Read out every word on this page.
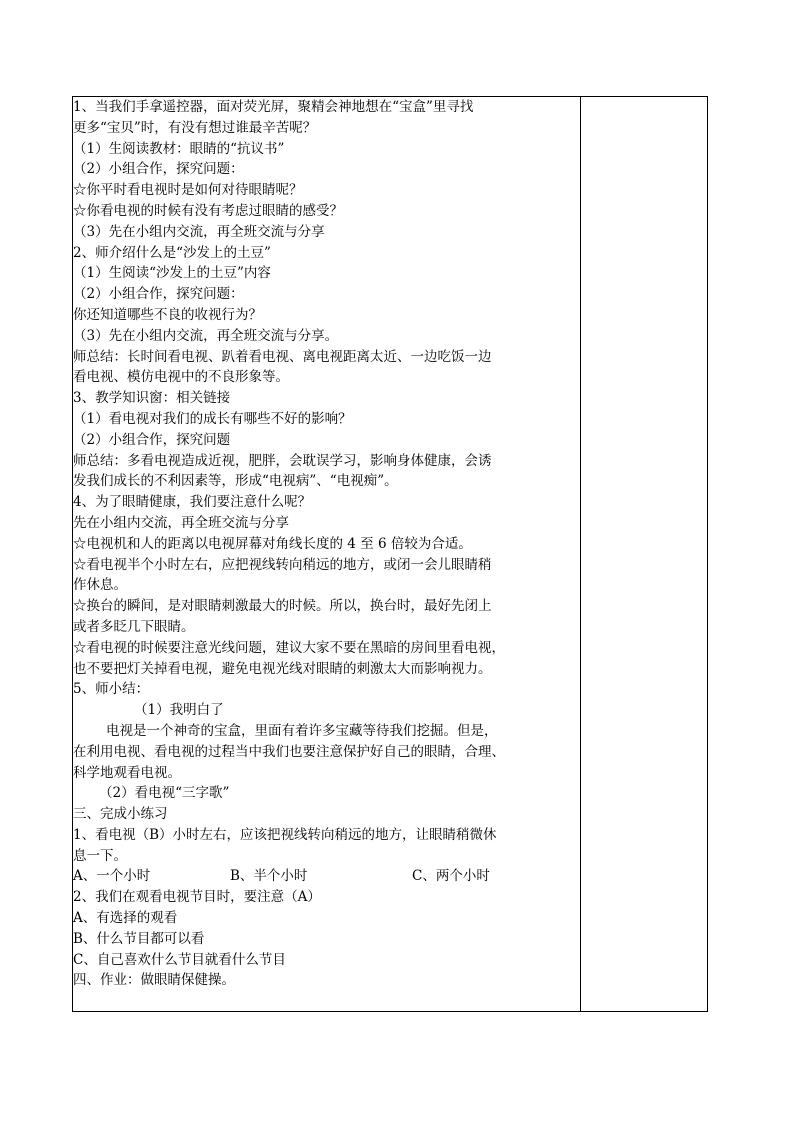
1、当我们手拿遥控器，面对荧光屏，聚精会神地想在“宝盒”里寻找
更多“宝贝”时，有没有想过谁最辛苦呢？
（1）生阅读教材：眼睛的“抗议书”
（2）小组合作，探究问题：
☆你平时看电视时是如何对待眼睛呢？
☆你看电视的时候有没有考虑过眼睛的感受？
（3）先在小组内交流，再全班交流与分享
2、师介绍什么是“沙发上的土豆”
（1）生阅读“沙发上的土豆”内容
（2）小组合作，探究问题：
你还知道哪些不良的收视行为？
（3）先在小组内交流，再全班交流与分享。
师总结：长时间看电视、趴着看电视、离电视距离太近、一边吃饭一边
看电视、模仿电视中的不良形象等。
3、教学知识窗：相关链接
（1）看电视对我们的成长有哪些不好的影响？
（2）小组合作，探究问题
师总结：多看电视造成近视，肥胖，会耽误学习，影响身体健康，会诱
发我们成长的不利因素等，形成“电视病”、“电视痴”。
4、为了眼睛健康，我们要注意什么呢？
先在小组内交流，再全班交流与分享
☆电视机和人的距离以电视屏幕对角线长度的 4 至 6 倍较为合适。
☆看电视半个小时左右，应把视线转向稍远的地方，或闭一会儿眼睛稍
作休息。
☆换台的瞬间，是对眼睛刺激最大的时候。所以，换台时，最好先闭上
或者多眨几下眼睛。
☆看电视的时候要注意光线问题，建议大家不要在黑暗的房间里看电视，
也不要把灯关掉看电视，避免电视光线对眼睛的刺激太大而影响视力。
5、师小结：
（1）我明白了
电视是一个神奇的宝盒，里面有着许多宝藏等待我们挖掘。但是，
在利用电视、看电视的过程当中我们也要注意保护好自己的眼睛，合理、
科学地观看电视。
（2）看电视“三字歌”
三、完成小练习
1、看电视（B）小时左右，应该把视线转向稍远的地方，让眼睛稍微休
息一下。
A、一个小时	B、半个小时	C、两个小时
2、我们在观看电视节目时，要注意（A）
A、有选择的观看
B、什么节目都可以看
C、自己喜欢什么节目就看什么节目
四、作业：做眼睛保健操。
